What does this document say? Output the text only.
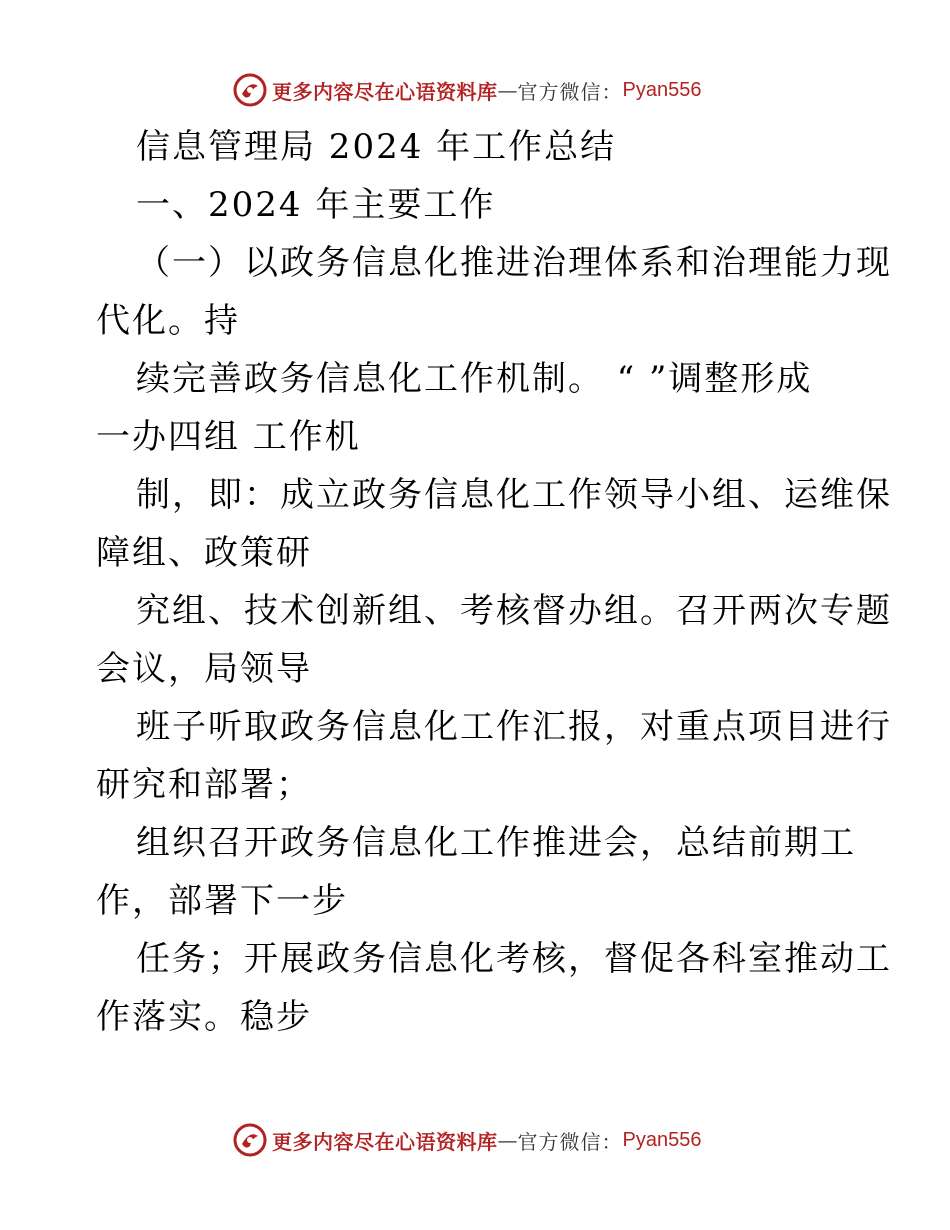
更多内容尽在心语资料库 — 官方微信： Pyan556
信息管理局 2024 年工作总结
一、2024 年主要工作
（一）以政务信息化推进治理体系和治理能力现
代化。持
续完善政务信息化工作机制。 “ ”调整形成
一办四组 工作机
制，即：成立政务信息化工作领导小组、运维保
障组、政策研
究组、技术创新组、考核督办组。召开两次专题
会议，局领导
班子听取政务信息化工作汇报，对重点项目进行
研究和部署；
组织召开政务信息化工作推进会，总结前期工
作，部署下一步
任务；开展政务信息化考核，督促各科室推动工
作落实。稳步
更多内容尽在心语资料库 — 官方微信： Pyan556
